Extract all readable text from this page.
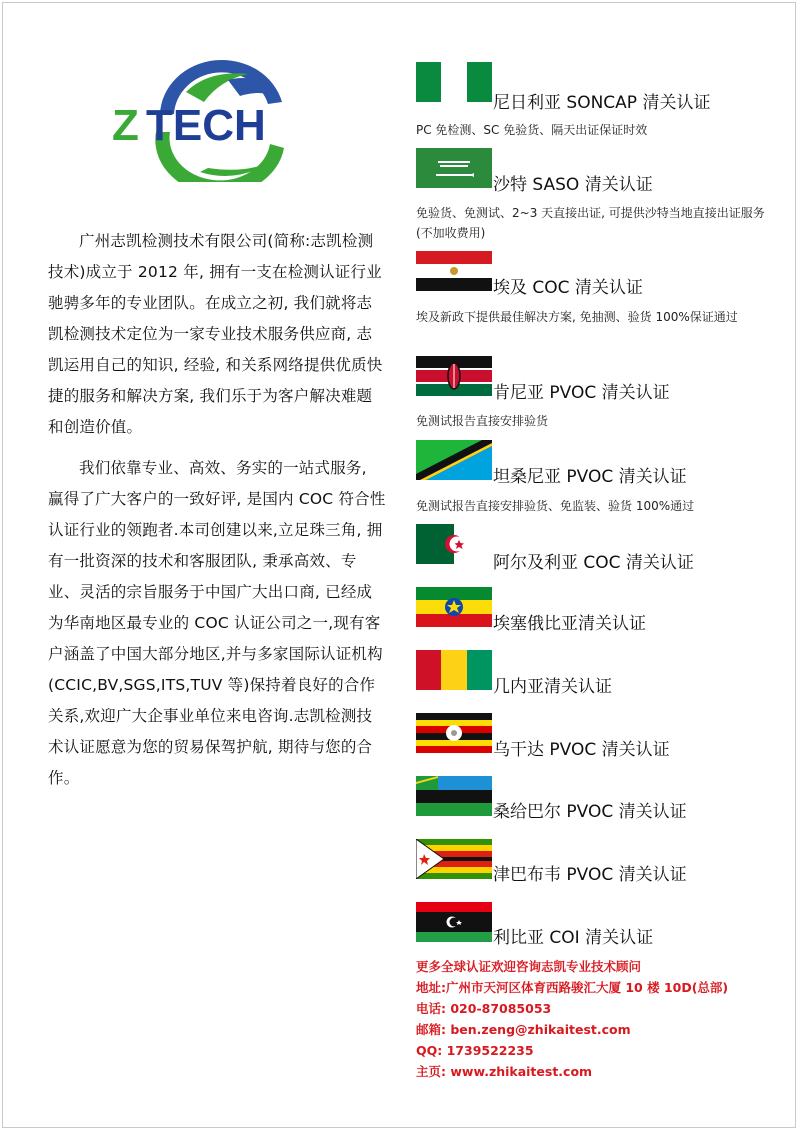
Z TECH

广州志凯检测技术有限公司(简称:志凯检测技术)成立于 2012 年, 拥有一支在检测认证行业驰骋多年的专业团队。在成立之初, 我们就将志凯检测技术定位为一家专业技术服务供应商, 志凯运用自己的知识, 经验, 和关系网络提供优质快捷的服务和解决方案, 我们乐于为客户解决难题和创造价值。

我们依靠专业、高效、务实的一站式服务, 赢得了广大客户的一致好评, 是国内 COC 符合性认证行业的领跑者.本司创建以来,立足珠三角, 拥有一批资深的技术和客服团队, 秉承高效、专业、灵活的宗旨服务于中国广大出口商, 已经成为华南地区最专业的 COC 认证公司之一,现有客户涵盖了中国大部分地区,并与多家国际认证机构(CCIC,BV,SGS,ITS,TUV 等)保持着良好的合作关系,欢迎广大企事业单位来电咨询.志凯检测技术认证愿意为您的贸易保驾护航, 期待与您的合作。

尼日利亚 SONCAP 清关认证
PC 免检测、SC 免验货、隔天出证保证时效
沙特 SASO 清关认证
免验货、免测试、2~3 天直接出证, 可提供沙特当地直接出证服务 (不加收费用)
埃及 COC 清关认证
埃及新政下提供最佳解决方案, 免抽测、验货 100%保证通过
肯尼亚 PVOC 清关认证
免测试报告直接安排验货
坦桑尼亚 PVOC 清关认证
免测试报告直接安排验货、免监装、验货 100%通过
阿尔及利亚 COC 清关认证
埃塞俄比亚清关认证
几内亚清关认证
乌干达 PVOC 清关认证
桑给巴尔 PVOC 清关认证
津巴布韦 PVOC 清关认证
利比亚 COI 清关认证
更多全球认证欢迎咨询志凯专业技术顾问
地址:广州市天河区体育西路骏汇大厦 10 楼 10D(总部)
电话: 020-87085053
邮箱: ben.zeng@zhikaitest.com
QQ: 1739522235
主页: www.zhikaitest.com
